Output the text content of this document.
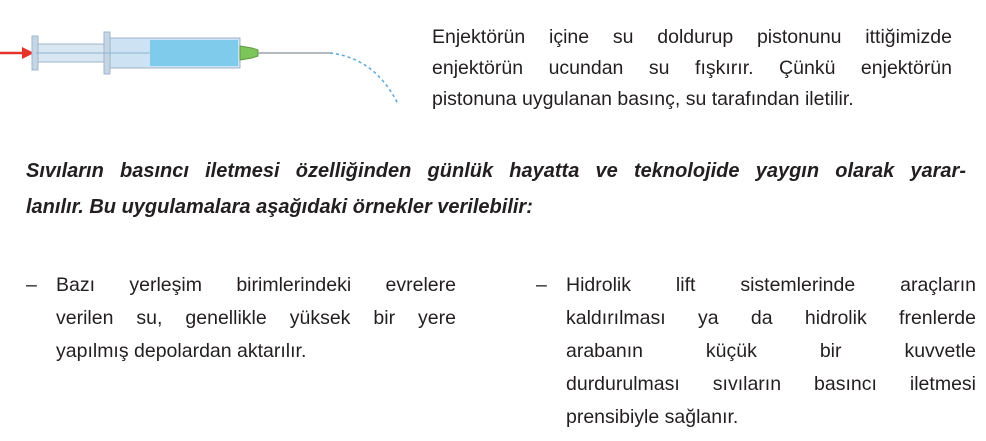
Enjektörün içine su doldurup pistonunu ittiğimizde
enjektörün ucundan su fışkırır. Çünkü enjektörün
pistonuna uygulanan basınç, su tarafından iletilir.
Sıvıların basıncı iletmesi özelliğinden günlük hayatta ve teknolojide yaygın olarak yarar-
lanılır. Bu uygulamalara aşağıdaki örnekler verilebilir:
– Bazı yerleşim birimlerindeki evrelere
verilen su, genellikle yüksek bir yere
yapılmış depolardan aktarılır.
– Hidrolik lift sistemlerinde araçların
kaldırılması ya da hidrolik frenlerde
arabanın küçük bir kuvvetle
durdurulması sıvıların basıncı iletmesi
prensibiyle sağlanır.
